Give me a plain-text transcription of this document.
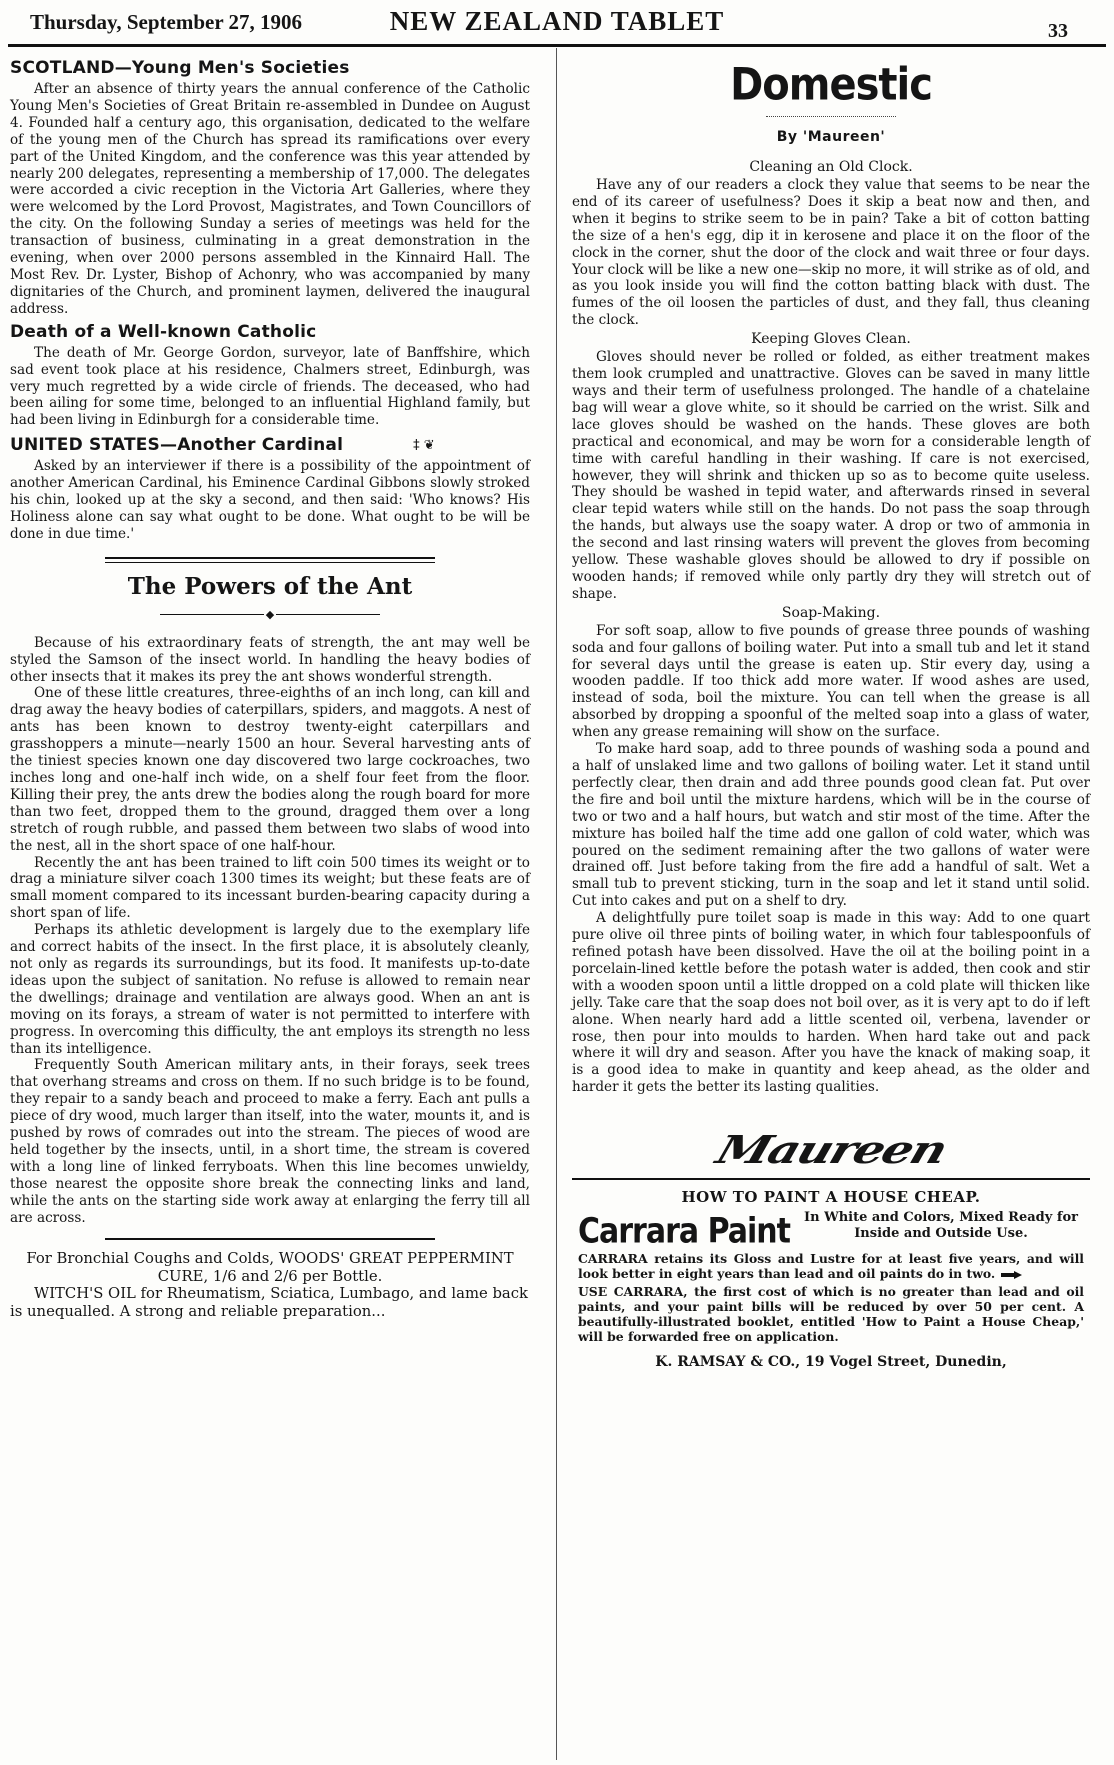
Thursday, September 27, 1906	NEW ZEALAND TABLET	33
SCOTLAND—Young Men's Societies

After an absence of thirty years the annual conference of the Catholic Young Men's Societies of Great Britain re-assembled in Dundee on August 4. Founded half a century ago, this organisation, dedicated to the welfare of the young men of the Church has spread its ramifications over every part of the United Kingdom, and the conference was this year attended by nearly 200 delegates, representing a membership of 17,000. The delegates were accorded a civic reception in the Victoria Art Galleries, where they were welcomed by the Lord Provost, Magistrates, and Town Councillors of the city. On the following Sunday a series of meetings was held for the transaction of business, culminating in a great demonstration in the evening, when over 2000 persons assembled in the Kinnaird Hall. The Most Rev. Dr. Lyster, Bishop of Achonry, who was accompanied by many dignitaries of the Church, and prominent laymen, delivered the inaugural address.

Death of a Well-known Catholic

The death of Mr. George Gordon, surveyor, late of Banffshire, which sad event took place at his residence, Chalmers street, Edinburgh, was very much regretted by a wide circle of friends. The deceased, who had been ailing for some time, belonged to an influential Highland family, but had been living in Edinburgh for a considerable time.

UNITED STATES—Another Cardinal	‡ ❦

Asked by an interviewer if there is a possibility of the appointment of another American Cardinal, his Eminence Cardinal Gibbons slowly stroked his chin, looked up at the sky a second, and then said: 'Who knows? His Holiness alone can say what ought to be done. What ought to be will be done in due time.'

The Powers of the Ant
◆

Because of his extraordinary feats of strength, the ant may well be styled the Samson of the insect world. In handling the heavy bodies of other insects that it makes its prey the ant shows wonderful strength.

One of these little creatures, three-eighths of an inch long, can kill and drag away the heavy bodies of caterpillars, spiders, and maggots. A nest of ants has been known to destroy twenty-eight caterpillars and grasshoppers a minute—nearly 1500 an hour. Several harvesting ants of the tiniest species known one day discovered two large cockroaches, two inches long and one-half inch wide, on a shelf four feet from the floor. Killing their prey, the ants drew the bodies along the rough board for more than two feet, dropped them to the ground, dragged them over a long stretch of rough rubble, and passed them between two slabs of wood into the nest, all in the short space of one half-hour.

Recently the ant has been trained to lift coin 500 times its weight or to drag a miniature silver coach 1300 times its weight; but these feats are of small moment compared to its incessant burden-bearing capacity during a short span of life.

Perhaps its athletic development is largely due to the exemplary life and correct habits of the insect. In the first place, it is absolutely cleanly, not only as regards its surroundings, but its food. It manifests up-to-date ideas upon the subject of sanitation. No refuse is allowed to remain near the dwellings; drainage and ventilation are always good. When an ant is moving on its forays, a stream of water is not permitted to interfere with progress. In overcoming this difficulty, the ant employs its strength no less than its intelligence.

Frequently South American military ants, in their forays, seek trees that overhang streams and cross on them. If no such bridge is to be found, they repair to a sandy beach and proceed to make a ferry. Each ant pulls a piece of dry wood, much larger than itself, into the water, mounts it, and is pushed by rows of comrades out into the stream. The pieces of wood are held together by the insects, until, in a short time, the stream is covered with a long line of linked ferryboats. When this line becomes unwieldy, those nearest the opposite shore break the connecting links and land, while the ants on the starting side work away at enlarging the ferry till all are across.

For Bronchial Coughs and Colds, WOODS' GREAT PEPPERMINT CURE, 1/6 and 2/6 per Bottle.

WITCH'S OIL for Rheumatism, Sciatica, Lumbago, and lame back is unequalled. A strong and reliable preparation...

Domestic
By 'Maureen'
Cleaning an Old Clock.

Have any of our readers a clock they value that seems to be near the end of its career of usefulness? Does it skip a beat now and then, and when it begins to strike seem to be in pain? Take a bit of cotton batting the size of a hen's egg, dip it in kerosene and place it on the floor of the clock in the corner, shut the door of the clock and wait three or four days. Your clock will be like a new one—skip no more, it will strike as of old, and as you look inside you will find the cotton batting black with dust. The fumes of the oil loosen the particles of dust, and they fall, thus cleaning the clock.

Keeping Gloves Clean.

Gloves should never be rolled or folded, as either treatment makes them look crumpled and unattractive. Gloves can be saved in many little ways and their term of usefulness prolonged. The handle of a chatelaine bag will wear a glove white, so it should be carried on the wrist. Silk and lace gloves should be washed on the hands. These gloves are both practical and economical, and may be worn for a considerable length of time with careful handling in their washing. If care is not exercised, however, they will shrink and thicken up so as to become quite useless. They should be washed in tepid water, and afterwards rinsed in several clear tepid waters while still on the hands. Do not pass the soap through the hands, but always use the soapy water. A drop or two of ammonia in the second and last rinsing waters will prevent the gloves from becoming yellow. These washable gloves should be allowed to dry if possible on wooden hands; if removed while only partly dry they will stretch out of shape.

Soap-Making.

For soft soap, allow to five pounds of grease three pounds of washing soda and four gallons of boiling water. Put into a small tub and let it stand for several days until the grease is eaten up. Stir every day, using a wooden paddle. If too thick add more water. If wood ashes are used, instead of soda, boil the mixture. You can tell when the grease is all absorbed by dropping a spoonful of the melted soap into a glass of water, when any grease remaining will show on the surface.

To make hard soap, add to three pounds of washing soda a pound and a half of unslaked lime and two gallons of boiling water. Let it stand until perfectly clear, then drain and add three pounds good clean fat. Put over the fire and boil until the mixture hardens, which will be in the course of two or two and a half hours, but watch and stir most of the time. After the mixture has boiled half the time add one gallon of cold water, which was poured on the sediment remaining after the two gallons of water were drained off. Just before taking from the fire add a handful of salt. Wet a small tub to prevent sticking, turn in the soap and let it stand until solid. Cut into cakes and put on a shelf to dry.

A delightfully pure toilet soap is made in this way: Add to one quart pure olive oil three pints of boiling water, in which four tablespoonfuls of refined potash have been dissolved. Have the oil at the boiling point in a porcelain-lined kettle before the potash water is added, then cook and stir with a wooden spoon until a little dropped on a cold plate will thicken like jelly. Take care that the soap does not boil over, as it is very apt to do if left alone. When nearly hard add a little scented oil, verbena, lavender or rose, then pour into moulds to harden. When hard take out and pack where it will dry and season. After you have the knack of making soap, it is a good idea to make in quantity and keep ahead, as the older and harder it gets the better its lasting qualities.

Maureen
HOW TO PAINT A HOUSE CHEAP.
Carrara Paint	In White and Colors, Mixed Ready for Inside and Outside Use.

CARRARA retains its Gloss and Lustre for at least five years, and will look better in eight years than lead and oil paints do in two.

USE CARRARA, the first cost of which is no greater than lead and oil paints, and your paint bills will be reduced by over 50 per cent. A beautifully-illustrated booklet, entitled 'How to Paint a House Cheap,' will be forwarded free on application.

K. RAMSAY & CO., 19 Vogel Street, Dunedin,
